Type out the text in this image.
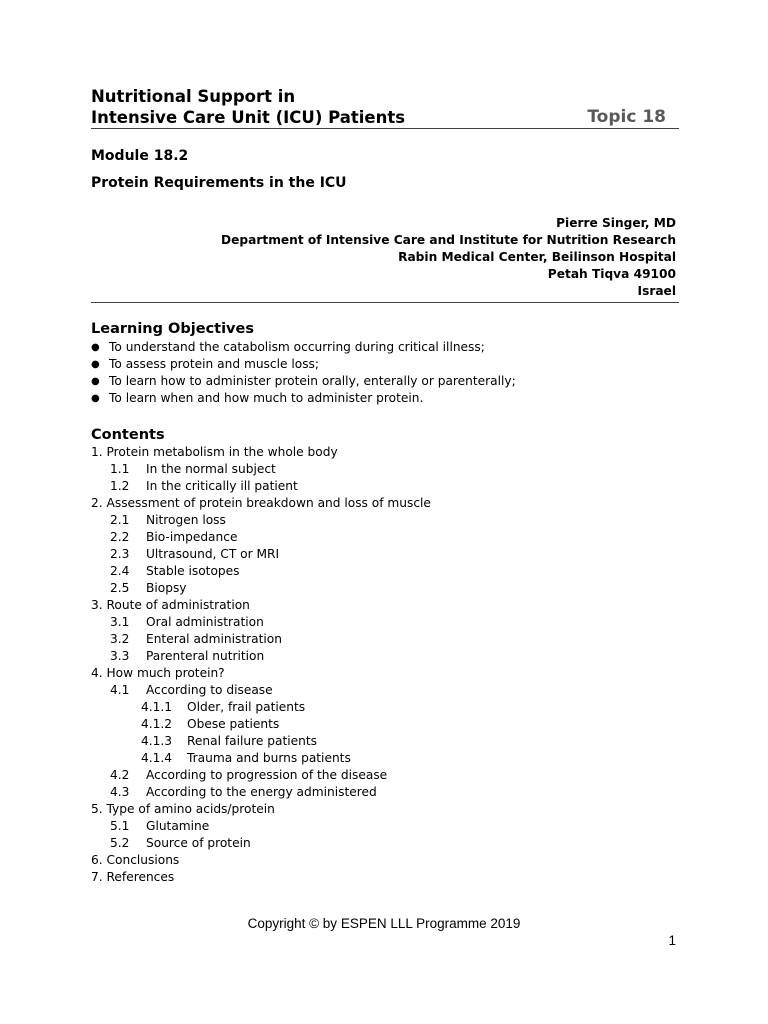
Nutritional Support in
Intensive Care Unit (ICU) Patients	Topic 18
Module 18.2
Protein Requirements in the ICU
Pierre Singer, MD
Department of Intensive Care and Institute for Nutrition Research
Rabin Medical Center, Beilinson Hospital
Petah Tiqva 49100
Israel
Learning Objectives
● To understand the catabolism occurring during critical illness;
● To assess protein and muscle loss;
● To learn how to administer protein orally, enterally or parenterally;
● To learn when and how much to administer protein.
Contents
1. Protein metabolism in the whole body
1.1 In the normal subject
1.2 In the critically ill patient
2. Assessment of protein breakdown and loss of muscle
2.1 Nitrogen loss
2.2 Bio-impedance
2.3 Ultrasound, CT or MRI
2.4 Stable isotopes
2.5 Biopsy
3. Route of administration
3.1 Oral administration
3.2 Enteral administration
3.3 Parenteral nutrition
4. How much protein?
4.1 According to disease
4.1.1 Older, frail patients
4.1.2 Obese patients
4.1.3 Renal failure patients
4.1.4 Trauma and burns patients
4.2 According to progression of the disease
4.3 According to the energy administered
5. Type of amino acids/protein
5.1 Glutamine
5.2 Source of protein
6. Conclusions
7. References
Copyright © by ESPEN LLL Programme 2019
1
